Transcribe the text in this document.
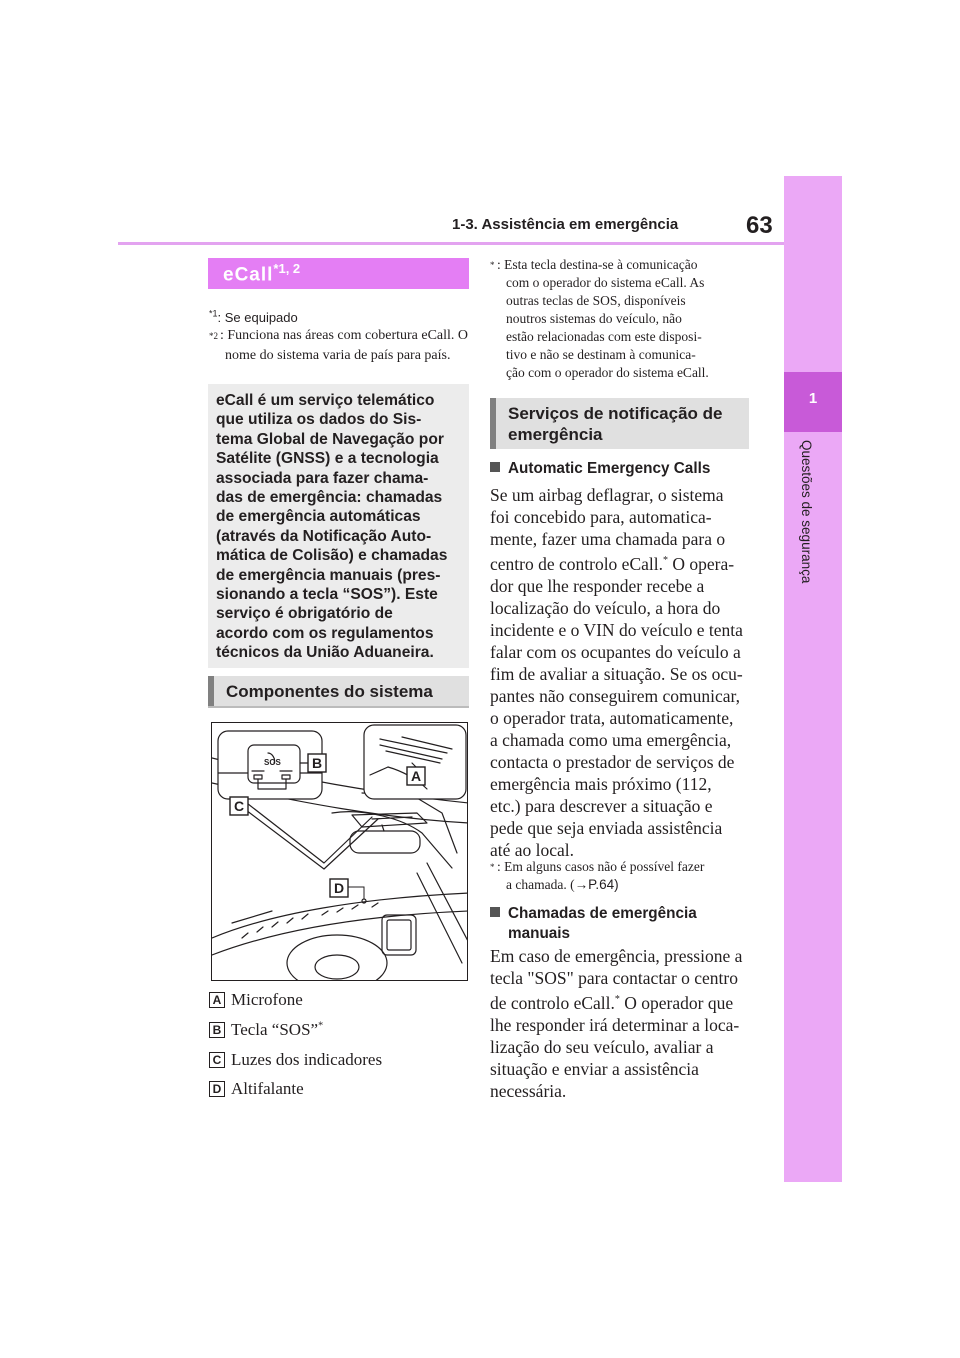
1-3. Assistência em emergência	63
1
Questões de segurança
eCall$^{*1, 2}$
$^{*1}$: Se equipado
$^{*2}$ : Funciona nas áreas com cobertura eCall. O nome do sistema varia de país para país.
eCall é um serviço telemático
que utiliza os dados do Sis-
tema Global de Navegação por
Satélite (GNSS) e a tecnologia
associada para fazer chama-
das de emergência: chamadas
de emergência automáticas
(através da Notificação Auto-
mática de Colisão) e chamadas
de emergência manuais (pres-
sionando a tecla “SOS”). Este
serviço é obrigatório de
acordo com os regulamentos
técnicos da União Aduaneira.
Componentes do sistema
SOS
A
B
C
D
A Microfone
B Tecla “SOS”*
C Luzes dos indicadores
D Altifalante
* : Esta tecla destina-se à comunicação
com o operador do sistema eCall. As
outras teclas de SOS, disponíveis
noutros sistemas do veículo, não
estão relacionadas com este disposi-
tivo e não se destinam à comunica-
ção com o operador do sistema eCall.
Serviços de notificação de
emergência
Automatic Emergency Calls
Se um airbag deflagrar, o sistema
foi concebido para, automatica-
mente, fazer uma chamada para o
centro de controlo eCall.* O opera-
dor que lhe responder recebe a
localização do veículo, a hora do
incidente e o VIN do veículo e tenta
falar com os ocupantes do veículo a
fim de avaliar a situação. Se os ocu-
pantes não conseguirem comunicar,
o operador trata, automaticamente,
a chamada como uma emergência,
contacta o prestador de serviços de
emergência mais próximo (112,
etc.) para descrever a situação e
pede que seja enviada assistência
até ao local.
* : Em alguns casos não é possível fazer
a chamada. (→P.64)
Chamadas de emergência
manuais
Em caso de emergência, pressione a
tecla "SOS" para contactar o centro
de controlo eCall.* O operador que
lhe responder irá determinar a loca-
lização do seu veículo, avaliar a
situação e enviar a assistência
necessária.
